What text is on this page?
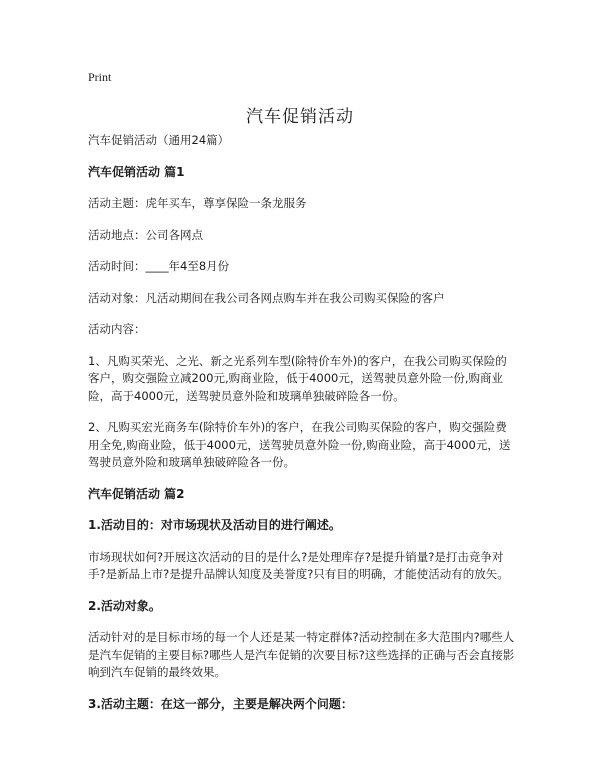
Print
汽车促销活动

汽车促销活动（通用24篇）

汽车促销活动 篇1

活动主题：虎年买车，尊享保险一条龙服务

活动地点：公司各网点

活动时间：____年4至8月份

活动对象：凡活动期间在我公司各网点购车并在我公司购买保险的客户

活动内容：

1、凡购买荣光、之光、新之光系列车型(除特价车外)的客户，在我公司购买保险的客户，购交强险立减200元,购商业险，低于4000元，送驾驶员意外险一份,购商业险，高于4000元，送驾驶员意外险和玻璃单独破碎险各一份。

2、凡购买宏光商务车(除特价车外)的客户，在我公司购买保险的客户，购交强险费用全免,购商业险，低于4000元，送驾驶员意外险一份,购商业险，高于4000元，送驾驶员意外险和玻璃单独破碎险各一份。

汽车促销活动 篇2

1.活动目的：对市场现状及活动目的进行阐述。

市场现状如何?开展这次活动的目的是什么?是处理库存?是提升销量?是打击竞争对手?是新品上市?是提升品牌认知度及美誉度?只有目的明确，才能使活动有的放矢。

2.活动对象。

活动针对的是目标市场的每一个人还是某一特定群体?活动控制在多大范围内?哪些人是汽车促销的主要目标?哪些人是汽车促销的次要目标?这些选择的正确与否会直接影响到汽车促销的最终效果。

3.活动主题：在这一部分，主要是解决两个问题：
